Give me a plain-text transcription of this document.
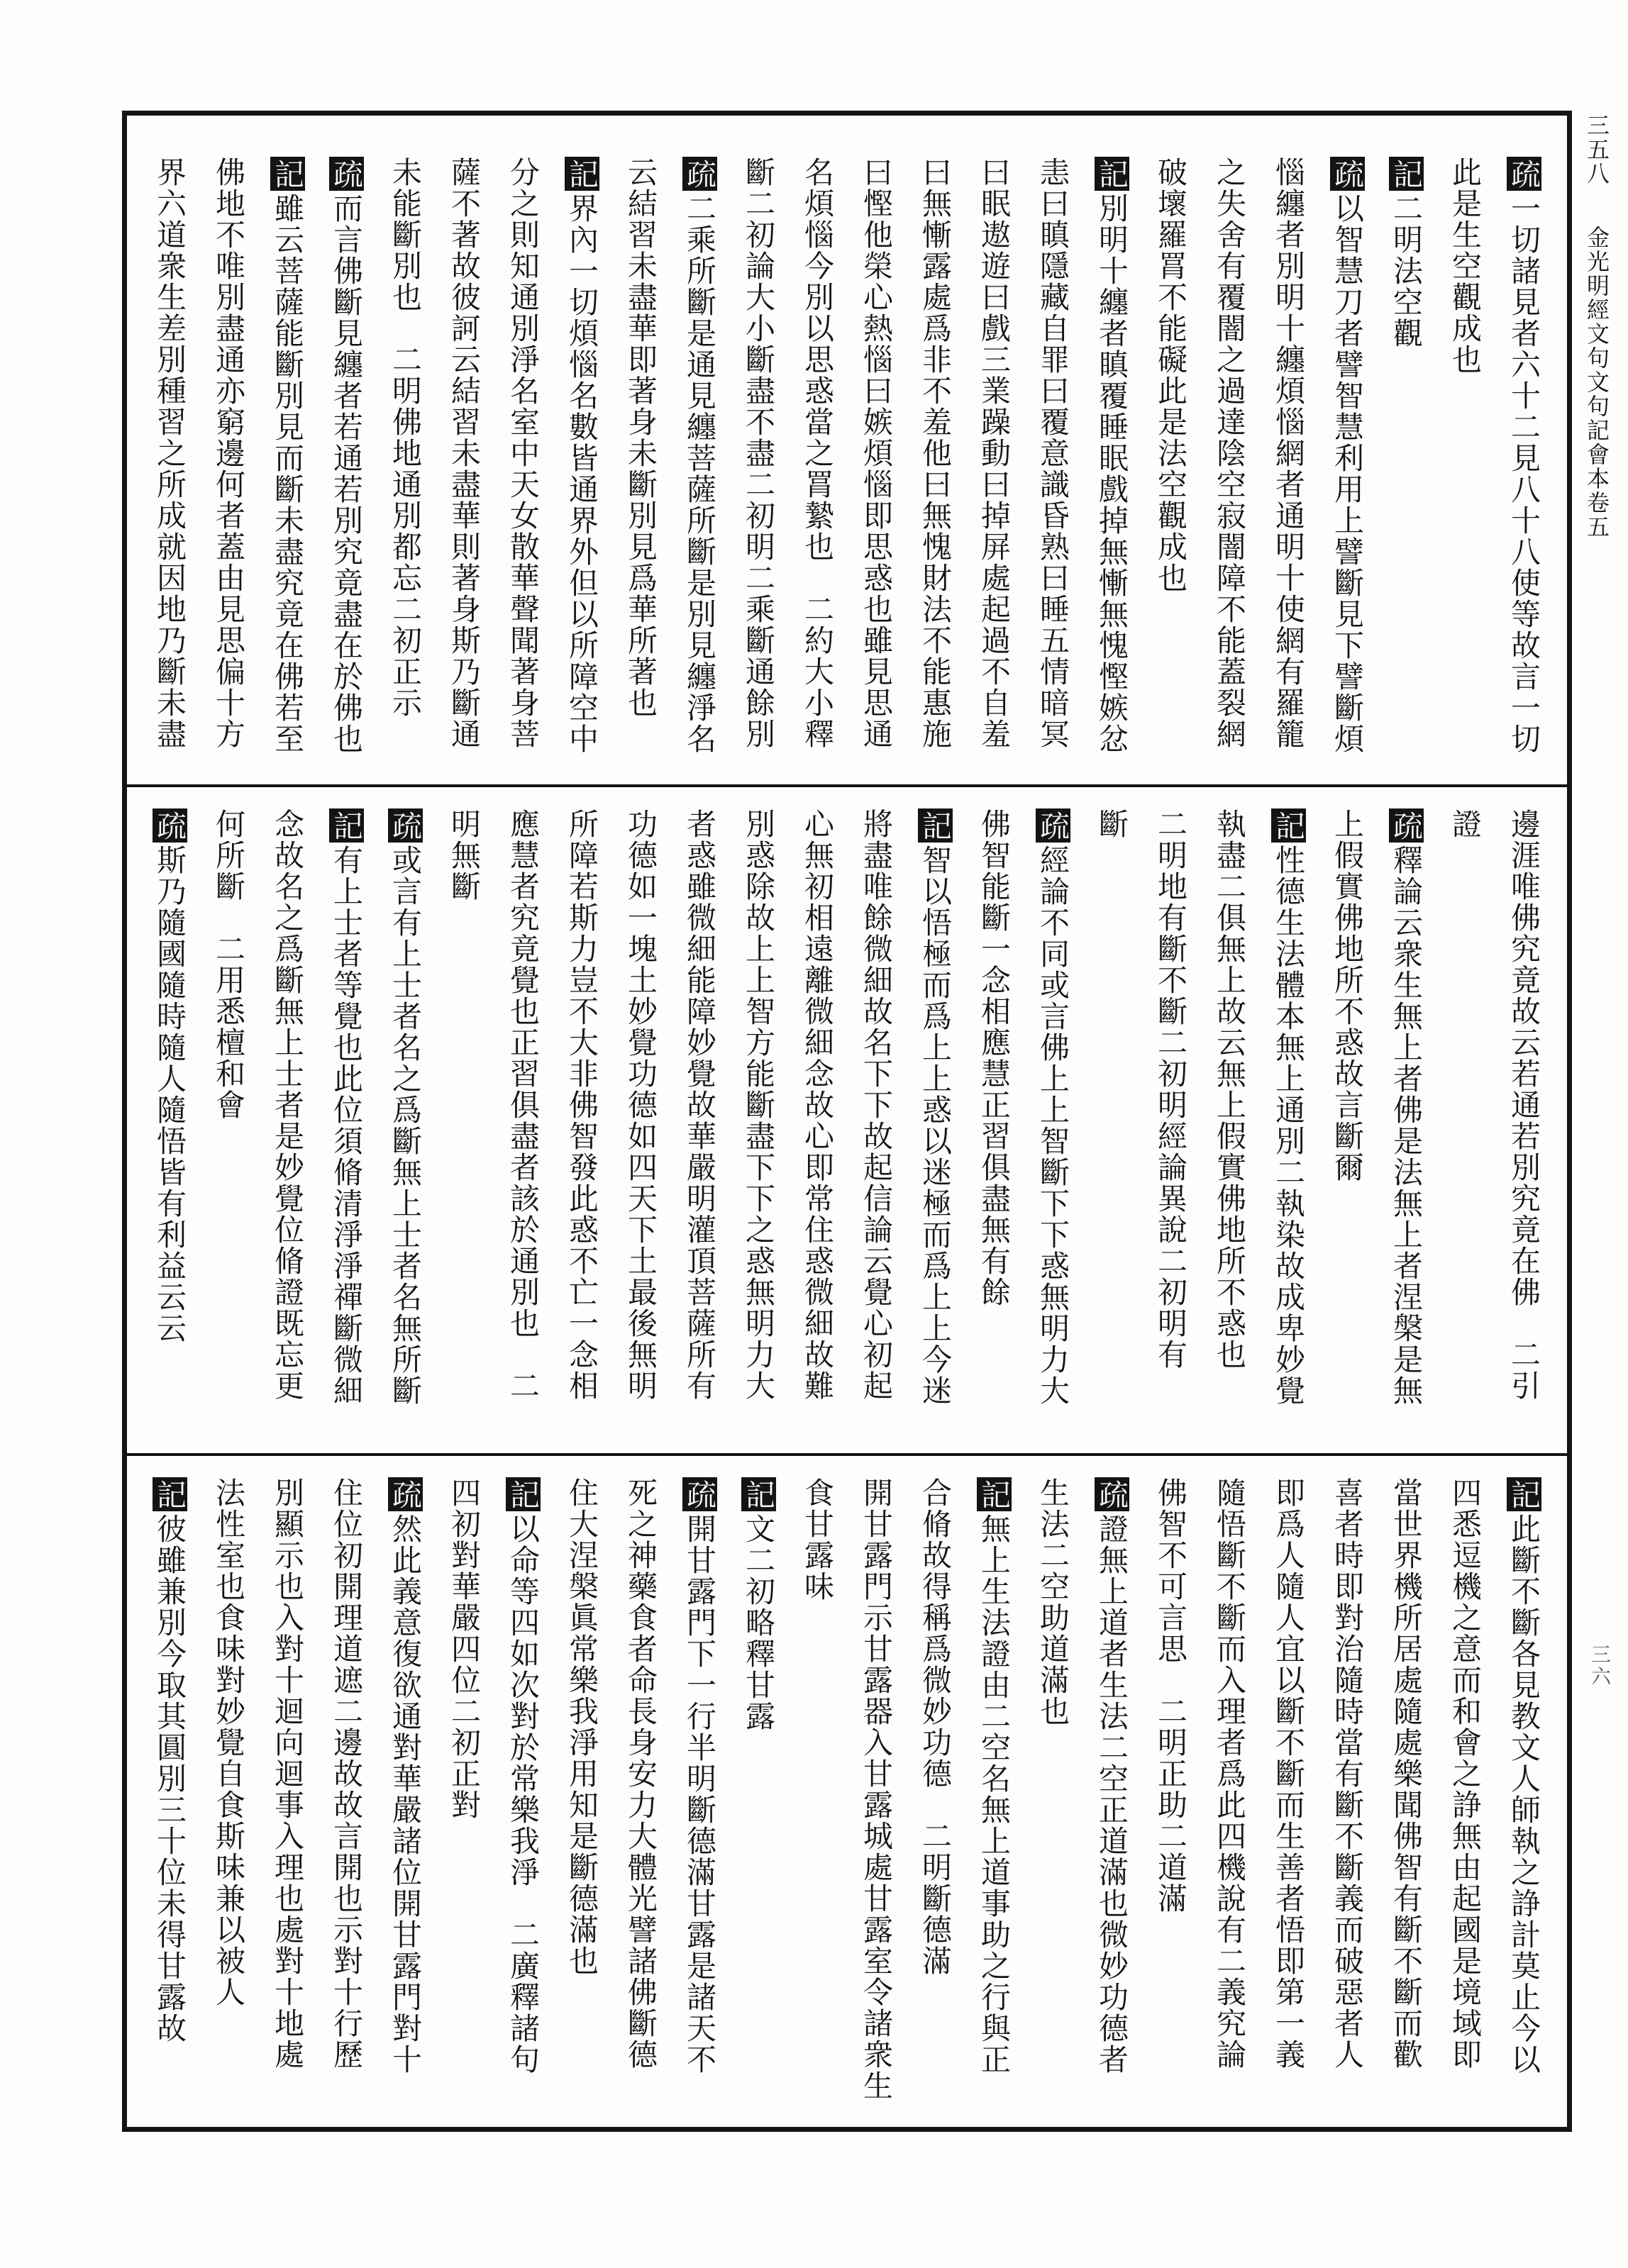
三五八
金光明經文句文句記會本卷五
三六
疏一切諸見者六十二見八十八使等故言一切
此是生空觀成也
記二明法空觀
疏以智慧刀者譬智慧利用上譬斷見下譬斷煩
惱纏者別明十纏煩惱網者通明十使網有羅籠
之失舍有覆闇之過達陰空寂闇障不能蓋裂網
破壞羅罥不能礙此是法空觀成也
記別明十纏者瞋覆睡眠戲掉無慚無愧慳嫉忿
恚曰瞋隱藏自罪曰覆意識昏熟曰睡五情暗冥
曰眠遨遊曰戲三業躁動曰掉屏處起過不自羞
曰無慚露處爲非不羞他曰無愧財法不能惠施
曰慳他榮心熱惱曰嫉煩惱即思惑也雖見思通
名煩惱今別以思惑當之罥縶也　二約大小釋
斷二初論大小斷盡不盡二初明二乘斷通餘別
疏二乘所斷是通見纏菩薩所斷是別見纏淨名
云結習未盡華即著身未斷別見爲華所著也
記界內一切煩惱名數皆通界外但以所障空中
分之則知通別淨名室中天女散華聲聞著身菩
薩不著故彼訶云結習未盡華則著身斯乃斷通
未能斷別也　二明佛地通別都忘二初正示
疏而言佛斷見纏者若通若別究竟盡在於佛也
記雖云菩薩能斷別見而斷未盡究竟在佛若至
佛地不唯別盡通亦窮邊何者蓋由見思偏十方
界六道衆生差別種習之所成就因地乃斷未盡
邊涯唯佛究竟故云若通若別究竟在佛　二引
證
疏釋論云衆生無上者佛是法無上者涅槃是無
上假實佛地所不惑故言斷爾
記性德生法體本無上通別二執染故成卑妙覺
執盡二俱無上故云無上假實佛地所不惑也
二明地有斷不斷二初明經論異說二初明有
斷
疏經論不同或言佛上上智斷下下惑無明力大
佛智能斷一念相應慧正習俱盡無有餘
記智以悟極而爲上上惑以迷極而爲上上今迷
將盡唯餘微細故名下下故起信論云覺心初起
心無初相遠離微細念故心即常住惑微細故難
別惑除故上上智方能斷盡下下之惑無明力大
者惑雖微細能障妙覺故華嚴明灌頂菩薩所有
功德如一塊土妙覺功德如四天下土最後無明
所障若斯力豈不大非佛智發此惑不亡一念相
應慧者究竟覺也正習俱盡者該於通別也　二
明無斷
疏或言有上士者名之爲斷無上士者名無所斷
記有上士者等覺也此位須脩清淨淨禪斷微細
念故名之爲斷無上士者是妙覺位脩證既忘更
何所斷　二用悉檀和會
疏斯乃隨國隨時隨人隨悟皆有利益云云
記此斷不斷各見教文人師執之諍計莫止今以
四悉逗機之意而和會之諍無由起國是境域即
當世界機所居處隨處樂聞佛智有斷不斷而歡
喜者時即對治隨時當有斷不斷義而破惡者人
即爲人隨人宜以斷不斷而生善者悟即第一義
隨悟斷不斷而入理者爲此四機說有二義究論
佛智不可言思　二明正助二道滿
疏證無上道者生法二空正道滿也微妙功德者
生法二空助道滿也
記無上生法證由二空名無上道事助之行與正
合脩故得稱爲微妙功德　二明斷德滿
開甘露門示甘露器入甘露城處甘露室令諸衆生
食甘露味
記文二初略釋甘露
疏開甘露門下一行半明斷德滿甘露是諸天不
死之神藥食者命長身安力大體光譬諸佛斷德
住大涅槃眞常樂我淨用知是斷德滿也
記以命等四如次對於常樂我淨　二廣釋諸句
四初對華嚴四位二初正對
疏然此義意復欲通對華嚴諸位開甘露門對十
住位初開理道遮二邊故故言開也示對十行歷
別顯示也入對十迴向迴事入理也處對十地處
法性室也食味對妙覺自食斯味兼以被人
記彼雖兼別今取其圓別三十位未得甘露故
